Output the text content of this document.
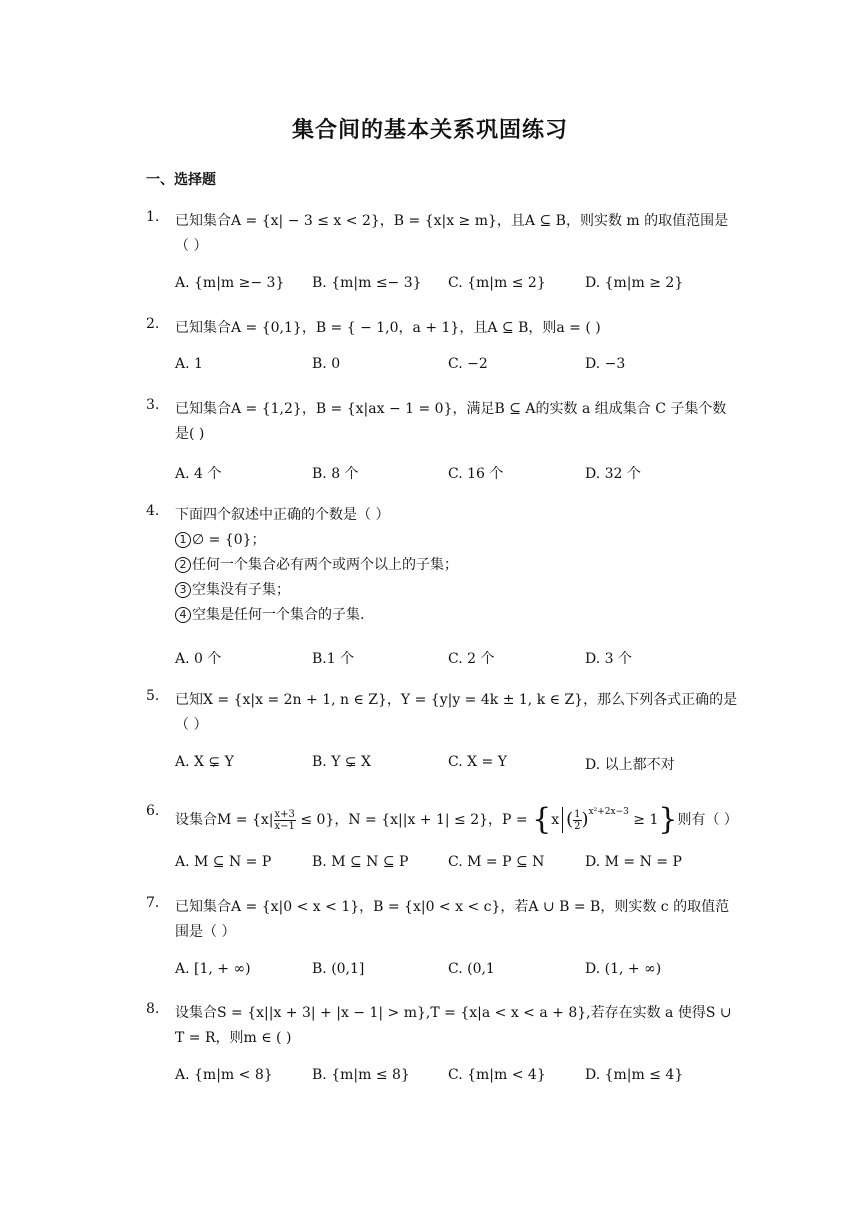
集合间的基本关系巩固练习
一、选择题
1. 已知集合A = {x| − 3 ≤ x < 2}，B = {x|x ≥ m}，且A ⊆ B，则实数 m 的取值范围是
（ ）
A. {m|m ≥− 3} B. {m|m ≤− 3} C. {m|m ≤ 2}	D. {m|m ≥ 2}
2. 已知集合A = {0,1}，B = { − 1,0，a + 1}，且A ⊆ B，则a = ( )
A. 1	B. 0	C. −2	D. −3
3. 已知集合A = {1,2}，B = {x|ax − 1 = 0}，满足B ⊆ A的实数 a 组成集合 C 子集个数
是( )
A. 4 个	B. 8 个	C. 16 个	D. 32 个
4. 下面四个叙述中正确的个数是（ ）
1 ∅ = {0}；
2 任何一个集合必有两个或两个以上的子集；
3 空集没有子集；
4 空集是任何一个集合的子集.
A. 0 个	B.1 个	C. 2 个	D. 3 个
5. 已知X = {x|x = 2n + 1, n ∈ Z}，Y = {y|y = 4k ± 1, k ∈ Z}，那么下列各式正确的是
（ ）
A. X ⊊ Y	B. Y ⊊ X	C. X = Y	D. 以上都不对
6.
设集合$M = \{x| \frac{x+3}{x-1} \le 0\}$，N = {x||x + 1| ≤ 2}，P = {x ( $\frac{1}{2} )^{x^2+2x-3} \ge 1$}则有（ ）
A. M ⊆ N = P	B. M ⊆ N ⊆ P	C. M = P ⊆ N	D. M = N = P
7. 已知集合A = {x|0 < x < 1}，B = {x|0 < x < c}，若A ∪ B = B，则实数 c 的取值范
围是（ ）
A. [1, + ∞)	B. (0,1]	C. (0,1	D. (1, + ∞)
8. 设集合S = {x||x + 3| + |x − 1| > m},T = {x|a < x < a + 8},若存在实数 a 使得S ∪
T = R，则m ∈ ( )
A. {m|m < 8}	B. {m|m ≤ 8}	C. {m|m < 4}	D. {m|m ≤ 4}
